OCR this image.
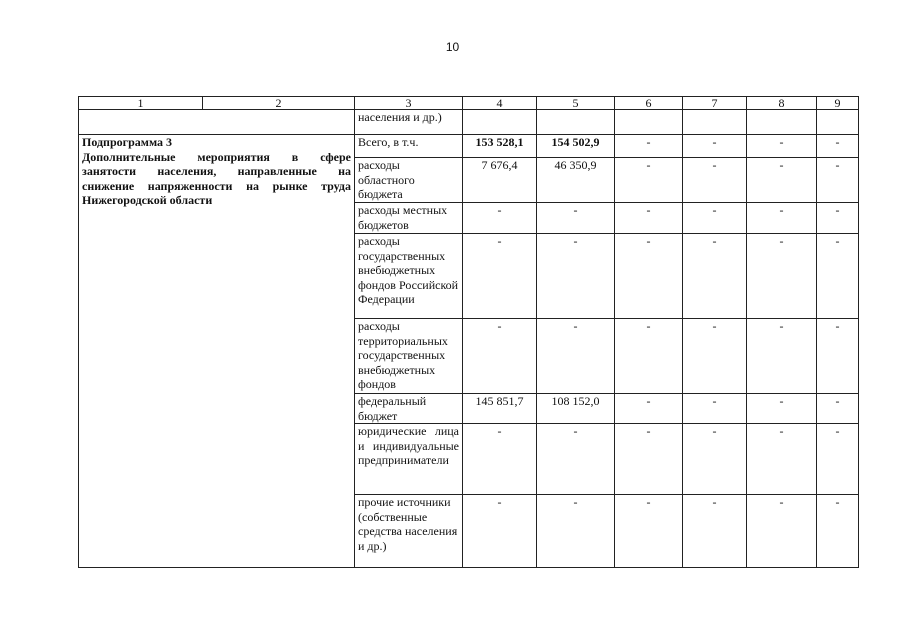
10
1	2	3	4	5	6	7	8	9
		населения и др.)						

Подпрограмма 3
Дополнительные мероприятия в сфере занятости населения, направленные на снижение напряженности на рынке труда Нижегородской области		Всего, в т.ч.	153 528,1	154 502,9	-	-	-	-
		расходы областного бюджета	7 676,4	46 350,9	-	-	-	-
		расходы местных бюджетов	-	-	-	-	-	-
		расходы государственных внебюджетных фондов Российской Федерации	-	-	-	-	-	-
		расходы территориальных государственных внебюджетных фондов	-	-	-	-	-	-
		федеральный бюджет	145 851,7	108 152,0	-	-	-	-
		юридические лица и индивидуальные предприниматели	-	-	-	-	-	-
		прочие источники (собственные средства населения и др.)	-	-	-	-	-	-
